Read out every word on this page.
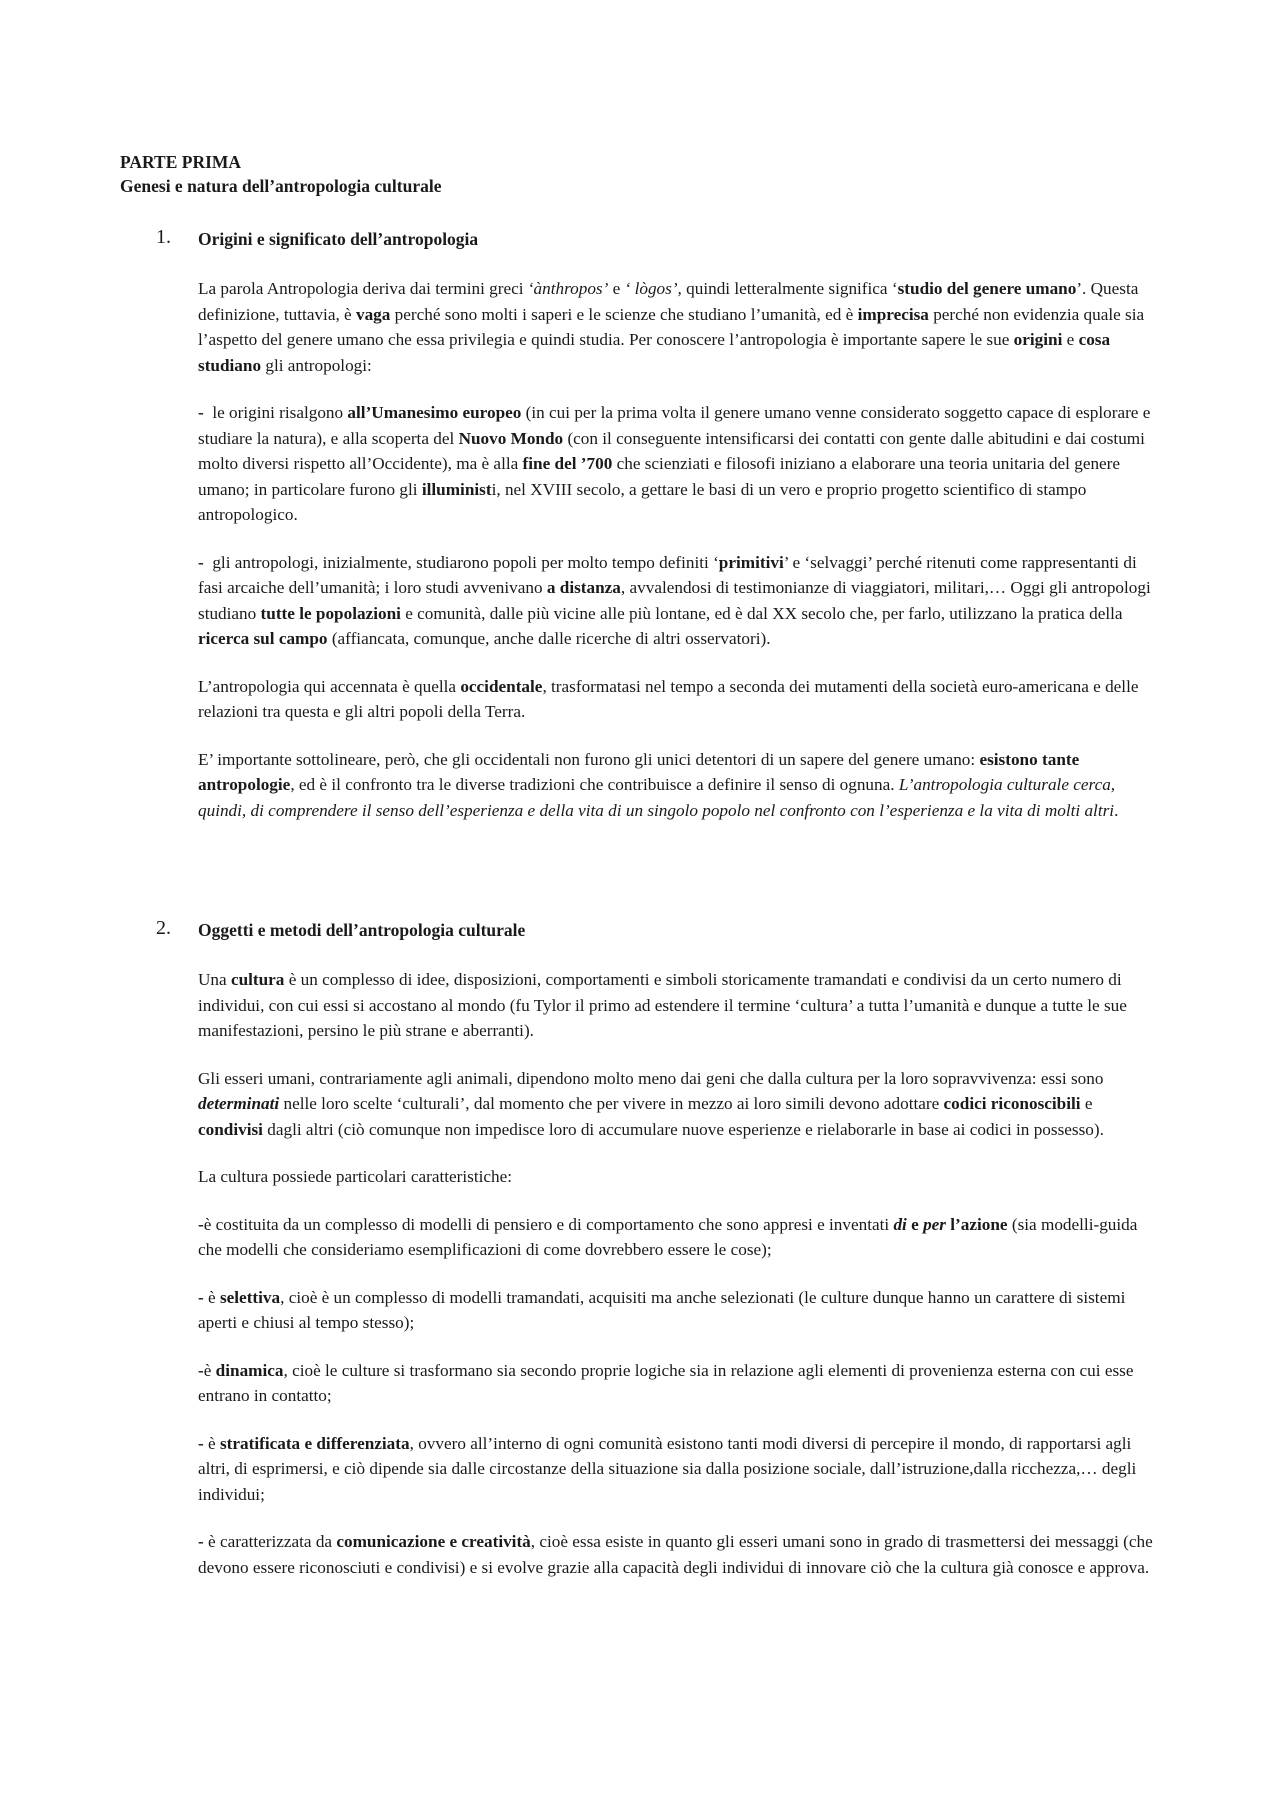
PARTE PRIMA
Genesi e natura dell’antropologia culturale
1. Origini e significato dell’antropologia

La parola Antropologia deriva dai termini greci ‘ànthropos’ e ‘ lògos’, quindi letteralmente significa ‘studio del genere umano’. Questa definizione, tuttavia, è vaga perché sono molti i saperi e le scienze che studiano l’umanità, ed è imprecisa perché non evidenzia quale sia l’aspetto del genere umano che essa privilegia e quindi studia. Per conoscere l’antropologia è importante sapere le sue origini e cosa studiano gli antropologi:

-  le origini risalgono all’Umanesimo europeo (in cui per la prima volta il genere umano venne considerato soggetto capace di esplorare e studiare la natura), e alla scoperta del Nuovo Mondo (con il conseguente intensificarsi dei contatti con gente dalle abitudini e dai costumi molto diversi rispetto all’Occidente), ma è alla fine del ’700 che scienziati e filosofi iniziano a elaborare una teoria unitaria del genere umano; in particolare furono gli illuministi, nel XVIII secolo, a gettare le basi di un vero e proprio progetto scientifico di stampo antropologico.

-  gli antropologi, inizialmente, studiarono popoli per molto tempo definiti ‘primitivi’ e ‘selvaggi’ perché ritenuti come rappresentanti di fasi arcaiche dell’umanità; i loro studi avvenivano a distanza, avvalendosi di testimonianze di viaggiatori, militari,… Oggi gli antropologi studiano tutte le popolazioni e comunità, dalle più vicine alle più lontane, ed è dal XX secolo che, per farlo, utilizzano la pratica della ricerca sul campo (affiancata, comunque, anche dalle ricerche di altri osservatori).

L’antropologia qui accennata è quella occidentale, trasformatasi nel tempo a seconda dei mutamenti della società euro-americana e delle relazioni tra questa e gli altri popoli della Terra.

E’ importante sottolineare, però, che gli occidentali non furono gli unici detentori di un sapere del genere umano: esistono tante antropologie, ed è il confronto tra le diverse tradizioni che contribuisce a definire il senso di ognuna. L’antropologia culturale cerca, quindi, di comprendere il senso dell’esperienza e della vita di un singolo popolo nel confronto con l’esperienza e la vita di molti altri.

2. Oggetti e metodi dell’antropologia culturale

Una cultura è un complesso di idee, disposizioni, comportamenti e simboli storicamente tramandati e condivisi da un certo numero di individui, con cui essi si accostano al mondo (fu Tylor il primo ad estendere il termine ‘cultura’ a tutta l’umanità e dunque a tutte le sue manifestazioni, persino le più strane e aberranti).

Gli esseri umani, contrariamente agli animali, dipendono molto meno dai geni che dalla cultura per la loro sopravvivenza: essi sono determinati nelle loro scelte ‘culturali’, dal momento che per vivere in mezzo ai loro simili devono adottare codici riconoscibili e condivisi dagli altri (ciò comunque non impedisce loro di accumulare nuove esperienze e rielaborarle in base ai codici in possesso).

La cultura possiede particolari caratteristiche:

-è costituita da un complesso di modelli di pensiero e di comportamento che sono appresi e inventati di e per l’azione (sia modelli-guida che modelli che consideriamo esemplificazioni di come dovrebbero essere le cose);

- è selettiva, cioè è un complesso di modelli tramandati, acquisiti ma anche selezionati (le culture dunque hanno un carattere di sistemi aperti e chiusi al tempo stesso);

-è dinamica, cioè le culture si trasformano sia secondo proprie logiche sia in relazione agli elementi di provenienza esterna con cui esse entrano in contatto;

- è stratificata e differenziata, ovvero all’interno di ogni comunità esistono tanti modi diversi di percepire il mondo, di rapportarsi agli altri, di esprimersi, e ciò dipende sia dalle circostanze della situazione sia dalla posizione sociale, dall’istruzione,dalla ricchezza,… degli individui;

- è caratterizzata da comunicazione e creatività, cioè essa esiste in quanto gli esseri umani sono in grado di trasmettersi dei messaggi (che devono essere riconosciuti e condivisi) e si evolve grazie alla capacità degli individui di innovare ciò che la cultura già conosce e approva.
